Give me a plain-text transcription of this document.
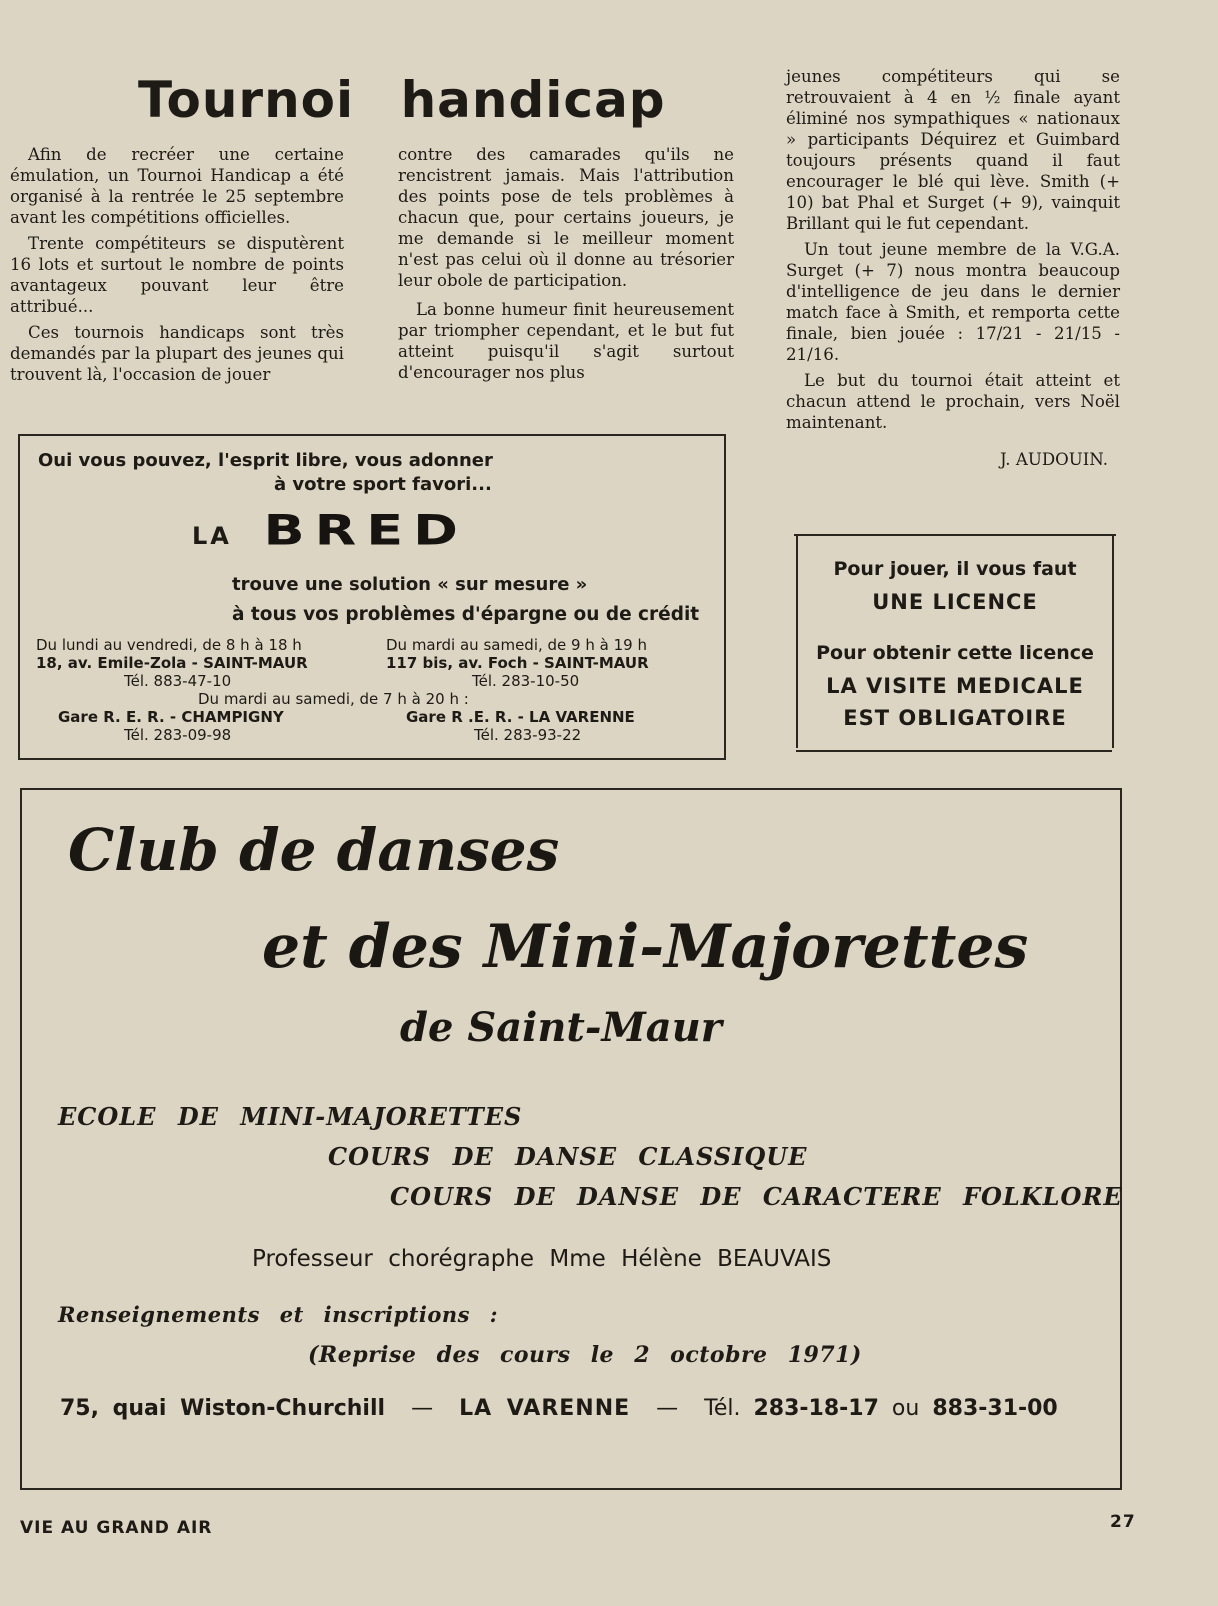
Tournoi handicap

Afin de recréer une certaine émulation, un Tournoi Handicap a été organisé à la rentrée le 25 septembre avant les compétitions officielles.

Trente compétiteurs se disputèrent 16 lots et surtout le nombre de points avantageux pouvant leur être attribué...

Ces tournois handicaps sont très demandés par la plupart des jeunes qui trouvent là, l'occasion de jouer

contre des camarades qu'ils ne rencistrent jamais. Mais l'attribution des points pose de tels problèmes à chacun que, pour certains joueurs, je me demande si le meilleur moment n'est pas celui où il donne au trésorier leur obole de participation.

La bonne humeur finit heureusement par triompher cependant, et le but fut atteint puisqu'il s'agit surtout d'encourager nos plus

jeunes compétiteurs qui se retrouvaient à 4 en ½ finale ayant éliminé nos sympathiques « nationaux » participants Déquirez et Guimbard toujours présents quand il faut encourager le blé qui lève. Smith (+ 10) bat Phal et Surget (+ 9), vainquit Brillant qui le fut cependant.

Un tout jeune membre de la V.G.A. Surget (+ 7) nous montra beaucoup d'intelligence de jeu dans le dernier match face à Smith, et remporta cette finale, bien jouée : 17/21 - 21/15 - 21/16.

Le but du tournoi était atteint et chacun attend le prochain, vers Noël maintenant.

J. AUDOUIN.
Oui vous pouvez, l'esprit libre, vous adonner
à votre sport favori...
LA BRED
trouve une solution « sur mesure »
à tous vos problèmes d'épargne ou de crédit
Du lundi au vendredi, de 8 h à 18 h
18, av. Emile-Zola - SAINT-MAUR
Tél. 883-47-10
Du mardi au samedi, de 9 h à 19 h
117 bis, av. Foch - SAINT-MAUR
Tél. 283-10-50
Du mardi au samedi, de 7 h à 20 h :
Gare R. E. R. - CHAMPIGNY
Tél. 283-09-98
Gare R .E. R. - LA VARENNE
Tél. 283-93-22
Pour jouer, il vous faut
UNE LICENCE
Pour obtenir cette licence
LA VISITE MEDICALE
EST OBLIGATOIRE
Club de danses
et des Mini-Majorettes
de Saint-Maur
ECOLE DE MINI-MAJORETTES
COURS DE DANSE CLASSIQUE
COURS DE DANSE DE CARACTERE FOLKLORE
Professeur chorégraphe Mme Hélène BEAUVAIS
Renseignements et inscriptions :
(Reprise des cours le 2 octobre 1971)
75, quai Wiston-Churchill — LA VARENNE — Tél. 283-18-17 ou 883-31-00
VIE AU GRAND AIR	27
